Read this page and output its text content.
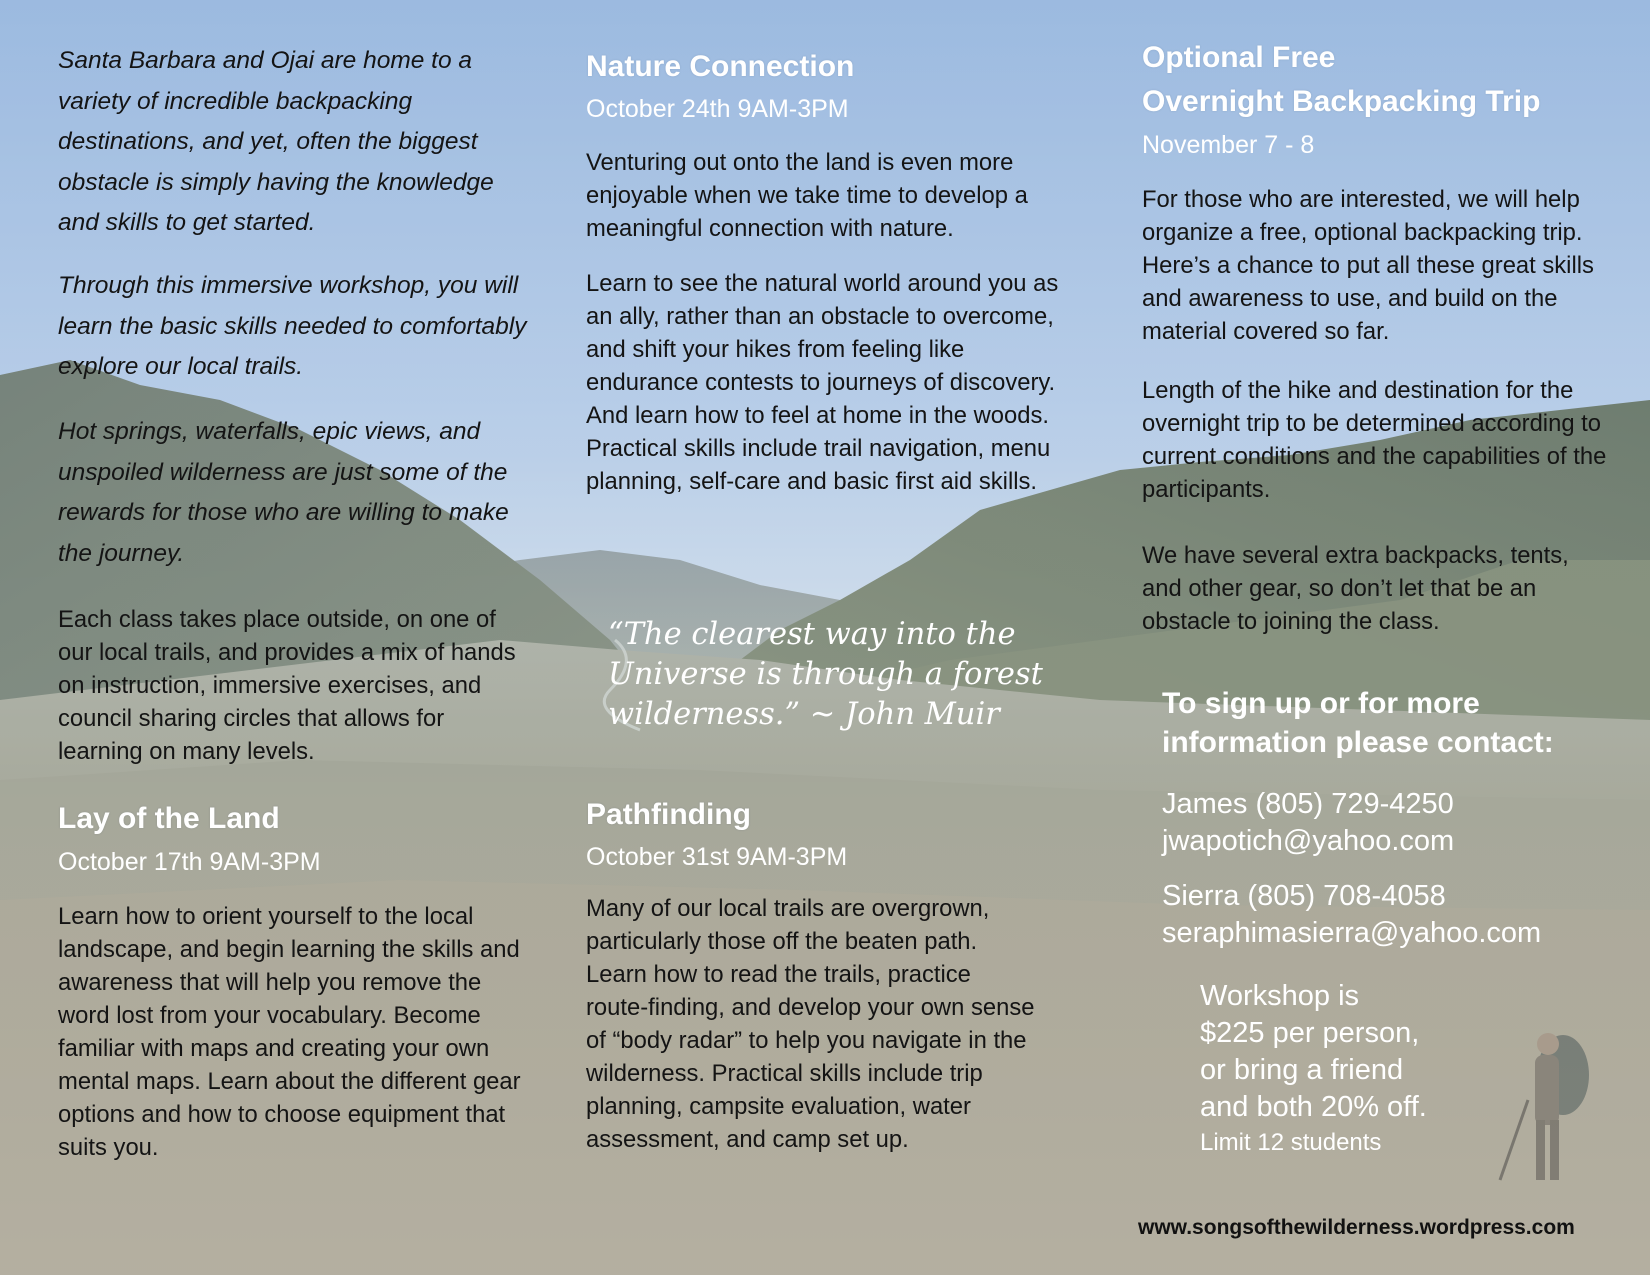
Santa Barbara and Ojai are home to a variety of incredible backpacking destinations, and yet, often the biggest obstacle is simply having the knowledge and skills to get started.

Through this immersive workshop, you will learn the basic skills needed to comfortably explore our local trails.

Hot springs, waterfalls, epic views, and unspoiled wilderness are just some of the rewards for those who are willing to make the journey.

Each class takes place outside, on one of our local trails, and provides a mix of hands on instruction, immersive exercises, and council sharing circles that allows for learning on many levels.

Lay of the Land
October 17th 9AM-3PM

Learn how to orient yourself to the local landscape, and begin learning the skills and awareness that will help you remove the word lost from your vocabulary. Become familiar with maps and creating your own mental maps. Learn about the different gear options and how to choose equipment that suits you.

Nature Connection
October 24th 9AM-3PM

Venturing out onto the land is even more enjoyable when we take time to develop a meaningful connection with nature.

Learn to see the natural world around you as an ally, rather than an obstacle to overcome, and shift your hikes from feeling like endurance contests to journeys of discovery. And learn how to feel at home in the woods. Practical skills include trail navigation, menu planning, self-care and basic first aid skills.

“The clearest way into the Universe is through a forest wilderness.” ~ John Muir

Pathfinding
October 31st 9AM-3PM

Many of our local trails are overgrown, particularly those off the beaten path. Learn how to read the trails, practice route-finding, and develop your own sense of “body radar” to help you navigate in the wilderness. Practical skills include trip planning, campsite evaluation, water assessment, and camp set up.

Optional Free
Overnight Backpacking Trip
November 7 - 8

For those who are interested, we will help organize a free, optional backpacking trip. Here’s a chance to put all these great skills and awareness to use, and build on the material covered so far.

Length of the hike and destination for the overnight trip to be determined according to current conditions and the capabilities of the participants.

We have several extra backpacks, tents, and other gear, so don’t let that be an obstacle to joining the class.

To sign up or for more information please contact:
James (805) 729-4250
jwapotich@yahoo.com
Sierra (805) 708-4058
seraphimasierra@yahoo.com
Workshop is
$225 per person,
or bring a friend
and both 20% off.
Limit 12 students
www.songsofthewilderness.wordpress.com
